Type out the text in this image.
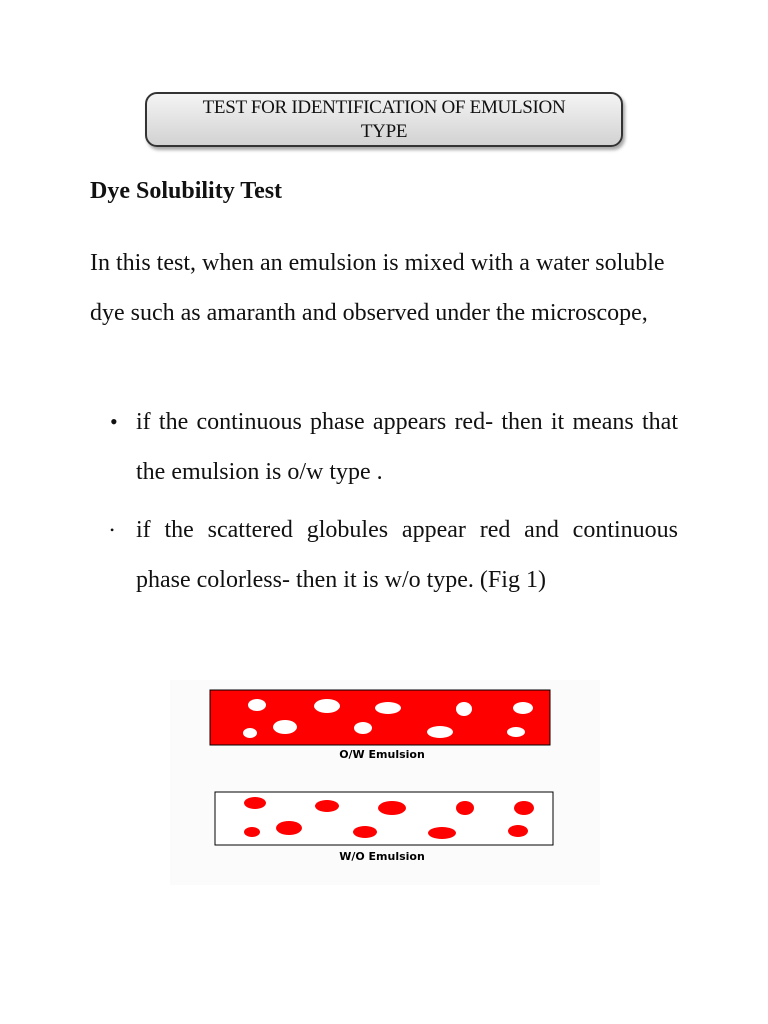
TEST FOR IDENTIFICATION OF EMULSION
TYPE
Dye Solubility Test

In this test, when an emulsion is mixed with a water soluble dye such as amaranth and observed under the microscope,

• if the continuous phase appears red- then it means that the emulsion is o/w type .
• if the scattered globules appear red and continuous phase colorless- then it is w/o type. (Fig 1)
O/W Emulsion
W/O Emulsion
